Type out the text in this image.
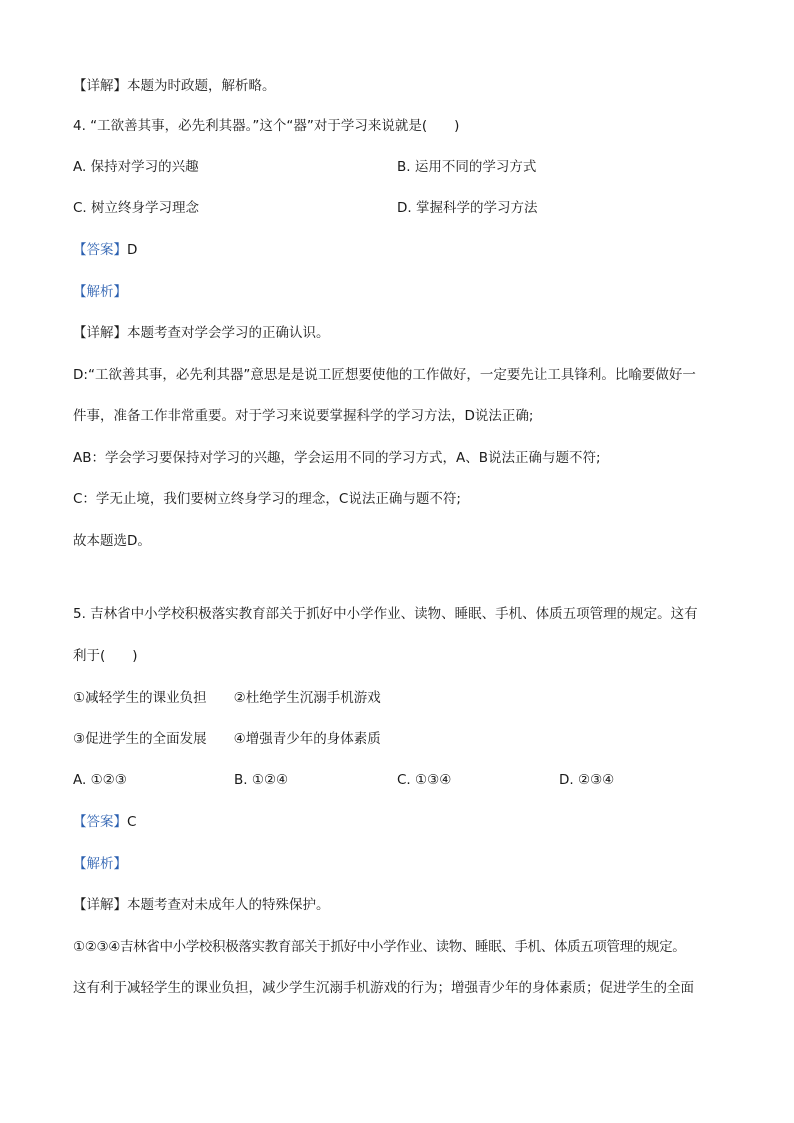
【详解】本题为时政题，解析略。
4. “工欲善其事，必先利其器。”这个“器”对于学习来说就是(　　)
A. 保持对学习的兴趣	B. 运用不同的学习方式
C. 树立终身学习理念	D. 掌握科学的学习方法
【答案】D
【解析】
【详解】本题考查对学会学习的正确认识。
D:“工欲善其事，必先利其器”意思是是说工匠想要使他的工作做好，一定要先让工具锋利。比喻要做好一
件事，准备工作非常重要。对于学习来说要掌握科学的学习方法，D说法正确;
AB：学会学习要保持对学习的兴趣，学会运用不同的学习方式，A、B说法正确与题不符;
C：学无止境，我们要树立终身学习的理念，C说法正确与题不符;
故本题选D。
5. 吉林省中小学校积极落实教育部关于抓好中小学作业、读物、睡眠、手机、体质五项管理的规定。这有
利于(　　)
①减轻学生的课业负担　　②杜绝学生沉溺手机游戏
③促进学生的全面发展　　④增强青少年的身体素质
A. ①②③	B. ①②④	C. ①③④	D. ②③④
【答案】C
【解析】
【详解】本题考查对未成年人的特殊保护。
①②③④吉林省中小学校积极落实教育部关于抓好中小学作业、读物、睡眠、手机、体质五项管理的规定。
这有利于减轻学生的课业负担，减少学生沉溺手机游戏的行为；增强青少年的身体素质；促进学生的全面
